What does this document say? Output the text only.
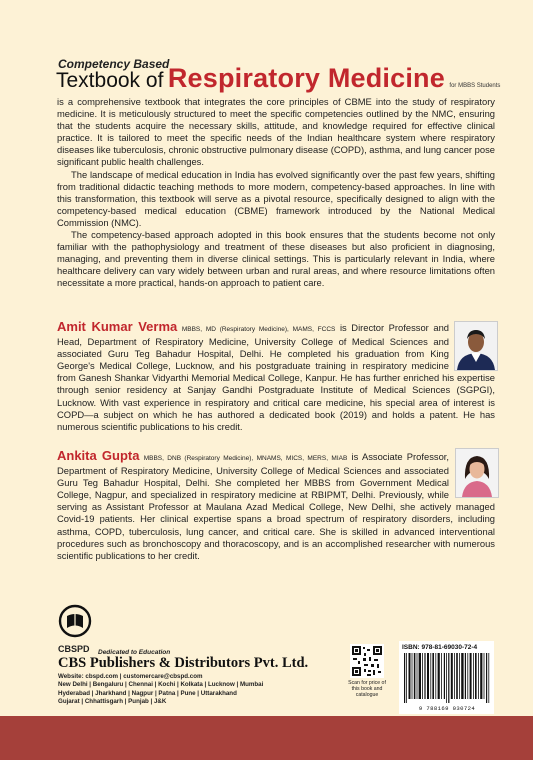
Competency Based
Textbook of Respiratory Medicine for MBBS Students

is a comprehensive textbook that integrates the core principles of CBME into the study of respiratory medicine. It is meticulously structured to meet the specific competencies outlined by the NMC, ensuring that the students acquire the necessary skills, attitude, and knowledge required for effective clinical practice. It is tailored to meet the specific needs of the Indian healthcare system where respiratory diseases like tuberculosis, chronic obstructive pulmonary disease (COPD), asthma, and lung cancer pose significant public health challenges.

The landscape of medical education in India has evolved significantly over the past few years, shifting from traditional didactic teaching methods to more modern, competency-based approaches. In line with this transformation, this textbook will serve as a pivotal resource, specifically designed to align with the competency-based medical education (CBME) framework introduced by the National Medical Commission (NMC).

The competency-based approach adopted in this book ensures that the students become not only familiar with the pathophysiology and treatment of these diseases but also proficient in diagnosing, managing, and preventing them in diverse clinical settings. This is particularly relevant in India, where healthcare delivery can vary widely between urban and rural areas, and where resource limitations often necessitate a more practical, hands-on approach to patient care.

Amit Kumar Verma MBBS, MD (Respiratory Medicine), MAMS, FCCS is Director Professor and Head, Department of Respiratory Medicine, University College of Medical Sciences and associated Guru Teg Bahadur Hospital, Delhi. He completed his graduation from King George's Medical College, Lucknow, and his postgraduate training in respiratory medicine from Ganesh Shankar Vidyarthi Memorial Medical College, Kanpur. He has further enriched his expertise through senior residency at Sanjay Gandhi Postgraduate Institute of Medical Sciences (SGPGI), Lucknow. With vast experience in respiratory and critical care medicine, his special area of interest is COPD—a subject on which he has authored a dedicated book (2019) and holds a patent. He has numerous scientific publications to his credit.
Ankita Gupta MBBS, DNB (Respiratory Medicine), MNAMS, MICS, MERS, MIAB is Associate Professor, Department of Respiratory Medicine, University College of Medical Sciences and associated Guru Teg Bahadur Hospital, Delhi. She completed her MBBS from Government Medical College, Nagpur, and specialized in respiratory medicine at RBIPMT, Delhi. Previously, while serving as Assistant Professor at Maulana Azad Medical College, New Delhi, she actively managed Covid-19 patients. Her clinical expertise spans a broad spectrum of respiratory disorders, including asthma, COPD, tuberculosis, lung cancer, and critical care. She is skilled in advanced interventional procedures such as bronchoscopy and thoracoscopy, and is an accomplished researcher with numerous scientific publications to her credit.
CBSPD Dedicated to Education
CBS Publishers & Distributors Pvt. Ltd.
Website: cbspd.com | customercare@cbspd.com
New Delhi | Bengaluru | Chennai | Kochi | Kolkata | Lucknow | Mumbai
Hyderabad | Jharkhand | Nagpur | Patna | Pune | Uttarakhand
Gujarat | Chhattisgarh | Punjab | J&K
Scan for price of this book and catalogue
ISBN: 978-81-69030-72-4
9 788169 030724
